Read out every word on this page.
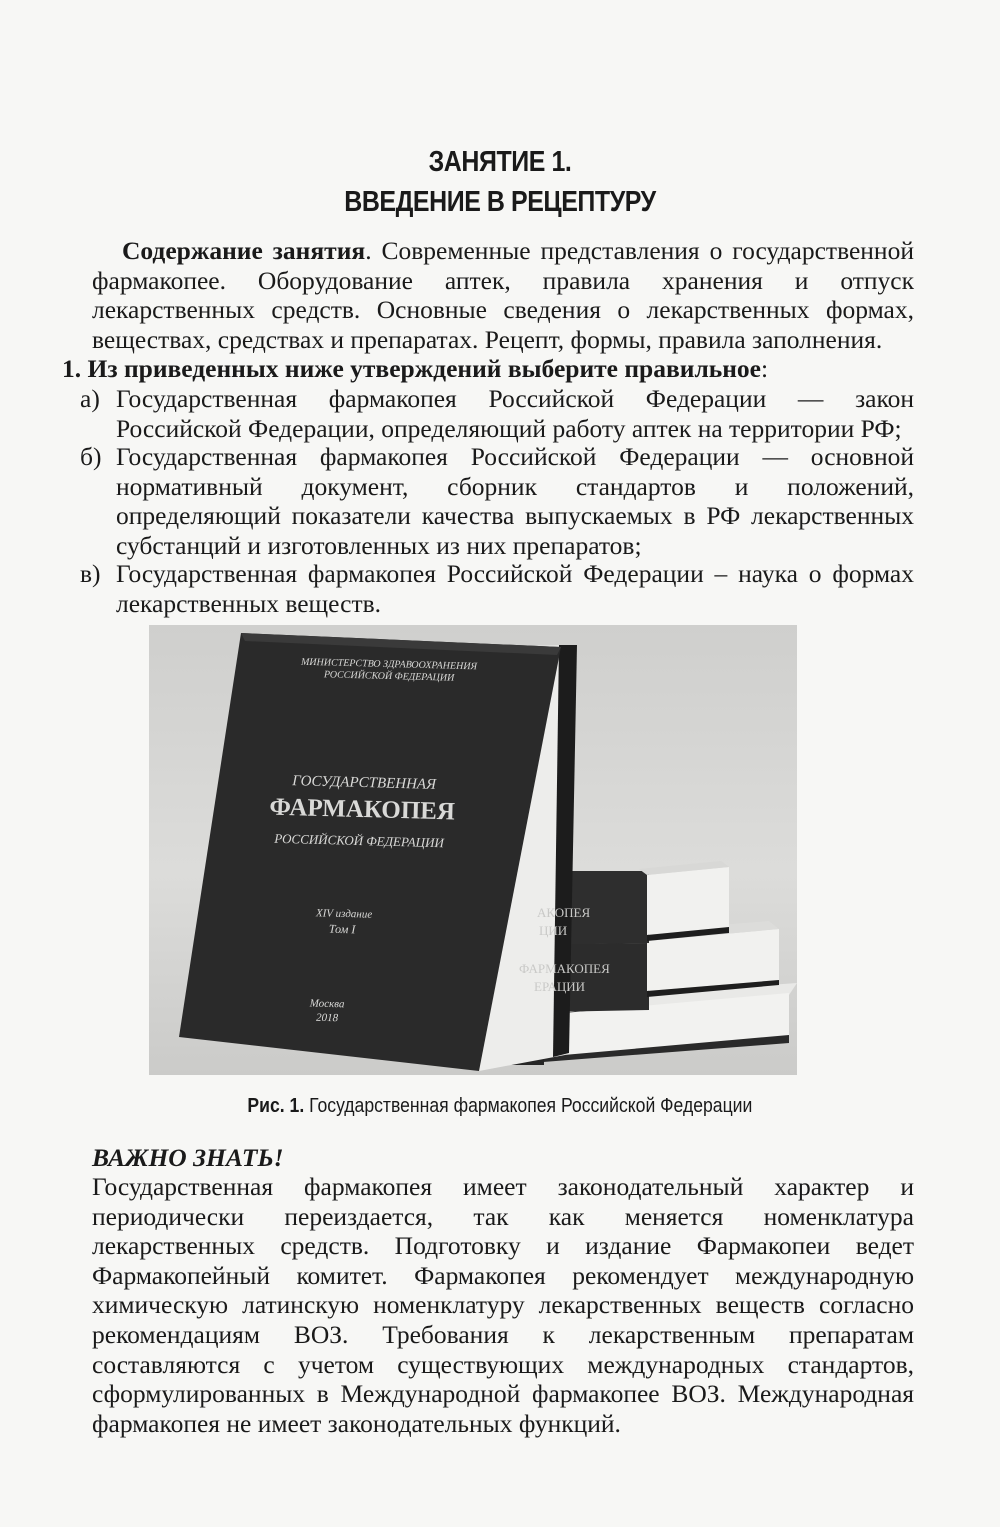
ЗАНЯТИЕ 1.
ВВЕДЕНИЕ В РЕЦЕПТУРУ
Содержание занятия. Современные представления о государственной фармакопее. Оборудование аптек, правила хранения и отпуск лекарственных средств. Основные сведения о лекарственных формах, веществах, средствах и препаратах. Рецепт, формы, правила заполнения.
1. Из приведенных ниже утверждений выберите правильное:
а) Государственная фармакопея Российской Федерации — закон Российской Федерации, определяющий работу аптек на территории РФ;
б) Государственная фармакопея Российской Федерации — основной нормативный документ, сборник стандартов и положений, определяющий показатели качества выпускаемых в РФ лекарственных субстанций и изготовленных из них препаратов;
в) Государственная фармакопея Российской Федерации – наука о формах лекарственных веществ.
МИНИСТЕРСТВО ЗДРАВООХРАНЕНИЯ
РОССИЙСКОЙ ФЕДЕРАЦИИ
ГОСУДАРСТВЕННАЯ
ФАРМАКОПЕЯ
РОССИЙСКОЙ ФЕДЕРАЦИИ
XIV издание
Том I
Москва
2018
АКОПЕЯ
ЦИИ
ФАРМАКОПЕЯ
ЕРАЦИИ
Рис. 1. Государственная фармакопея Российской Федерации
ВАЖНО ЗНАТЬ!
Государственная фармакопея имеет законодательный характер и периодически переиздается, так как меняется номенклатура лекарственных средств. Подготовку и издание Фармакопеи ведет Фармакопейный комитет. Фармакопея рекомендует международную химическую латинскую номенклатуру лекарственных веществ согласно рекомендациям ВОЗ. Требования к лекарственным препаратам составляются с учетом существующих международных стандартов, сформулированных в Международной фармакопее ВОЗ. Международная фармакопея не имеет законодательных функций.
